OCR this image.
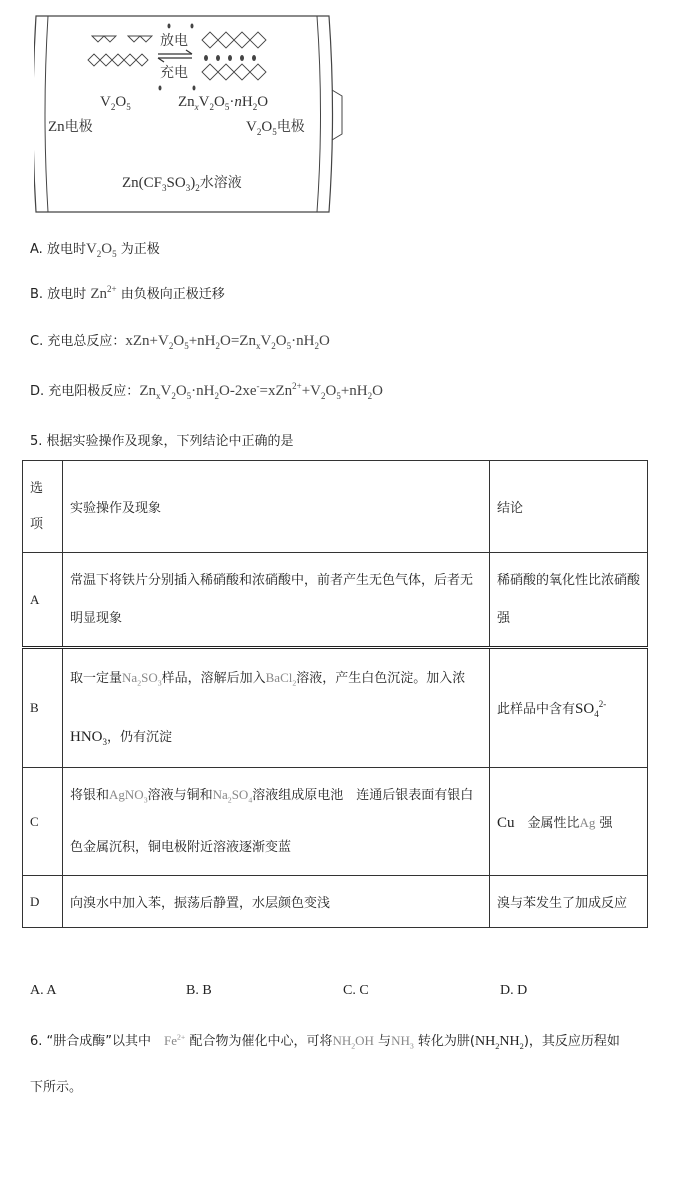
放电
充电
$V_2O_5$	$Zn_xV_2O_5\cdot nH_2O$
Zn电极	$V_2O_5$电极
$Zn(CF_3SO_3)_2$水溶液
A. 放电时$V_2O_5$ 为正极
B. 放电时 $Zn^{2+}$ 由负极向正极迁移
C. 充电总反应：$xZn+V_2O_5+nH_2O=Zn_xV_2O_5\cdot nH_2O$
D. 充电阳极反应：$Zn_xV_2O_5\cdot nH_2O-2xe^-=xZn^{2+}+V_2O_5+nH_2O$
5. 根据实验操作及现象，下列结论中正确的是
选
项	实验操作及现象	结论
A	常温下将铁片分别插入稀硝酸和浓硝酸中，前者产生无色气体，后者无明显现象	稀硝酸的氧化性比浓硝酸强
B	取一定量$Na_2SO_3$样品，溶解后加入BaCl$_2$溶液，产生白色沉淀。加入浓$HNO_3$，仍有沉淀	此样品中含有$SO_4^{2-}$
C	将银和AgNO$_3$溶液与铜和$Na_2SO_4$溶液组成原电池　连通后银表面有银白色金属沉积，铜电极附近溶液逐渐变蓝	Cu　金属性比Ag 强
D	向溴水中加入苯，振荡后静置，水层颜色变浅	溴与苯发生了加成反应
A. A	B. B	C. C	D. D
6. “肼合成酶”以其中　$Fe^{2+}$ 配合物为催化中心，可将$NH_2OH$ 与$NH_3$ 转化为肼$(NH_2NH_2)$，其反应历程如
下所示。
